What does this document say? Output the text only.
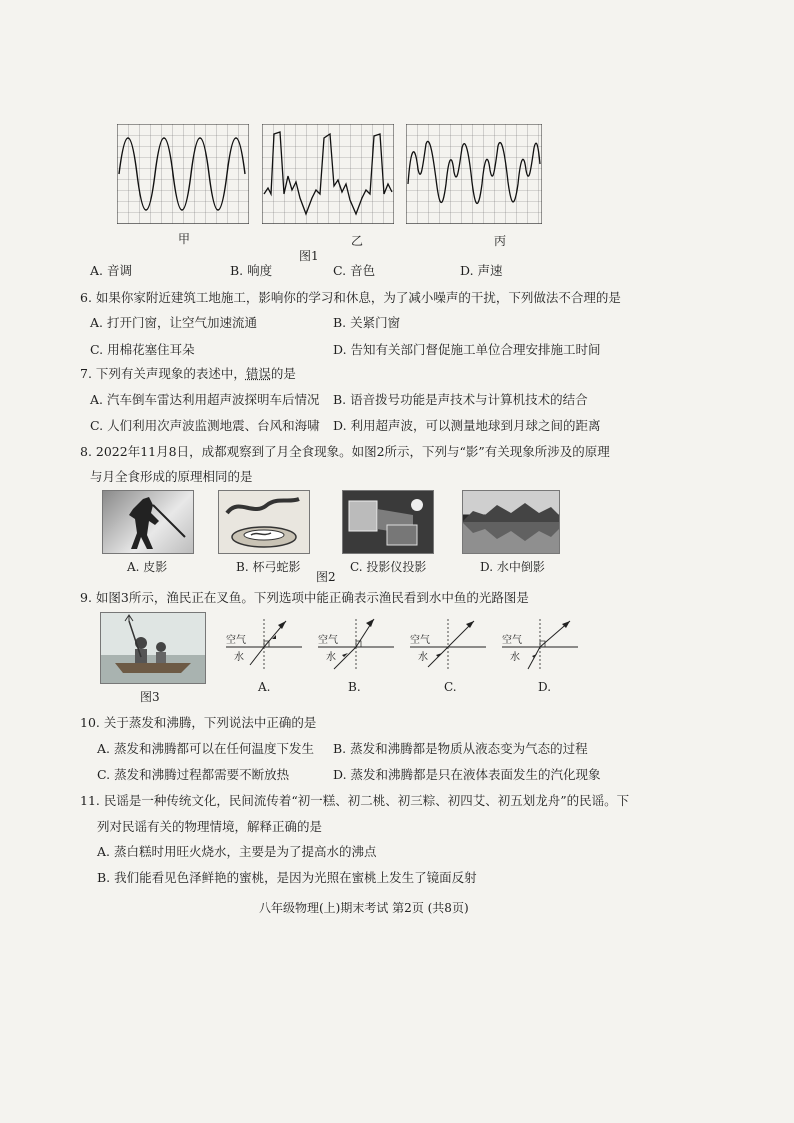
甲	乙	丙
图1
A. 音调	B. 响度	C. 音色	D. 声速
6. 如果你家附近建筑工地施工，影响你的学习和休息，为了减小噪声的干扰，下列做法不合理的是
A. 打开门窗，让空气加速流通	B. 关紧门窗
C. 用棉花塞住耳朵	D. 告知有关部门督促施工单位合理安排施工时间
7. 下列有关声现象的表述中，错误的是
A. 汽车倒车雷达利用超声波探明车后情况 B. 语音拨号功能是声技术与计算机技术的结合
C. 人们利用次声波监测地震、台风和海啸 D. 利用超声波，可以测量地球到月球之间的距离
8. 2022年11月8日，成都观察到了月全食现象。如图2所示，下列与“影”有关现象所涉及的原理
与月全食形成的原理相同的是
A. 皮影	B. 杯弓蛇影
图2
C. 投影仪投影	D. 水中倒影
9. 如图3所示，渔民正在叉鱼。下列选项中能正确表示渔民看到水中鱼的光路图是
图3
空气
水
A.
空气
水
B.
空气
水
C.
空气
水
D.
10. 关于蒸发和沸腾，下列说法中正确的是
A. 蒸发和沸腾都可以在任何温度下发生 B. 蒸发和沸腾都是物质从液态变为气态的过程
C. 蒸发和沸腾过程都需要不断放热	D. 蒸发和沸腾都是只在液体表面发生的汽化现象
11. 民谣是一种传统文化，民间流传着“初一糕、初二桃、初三粽、初四艾、初五划龙舟”的民谣。下
列对民谣有关的物理情境，解释正确的是
A. 蒸白糕时用旺火烧水，主要是为了提高水的沸点
B. 我们能看见色泽鲜艳的蜜桃，是因为光照在蜜桃上发生了镜面反射
八年级物理(上)期末考试 第2页 (共8页)
